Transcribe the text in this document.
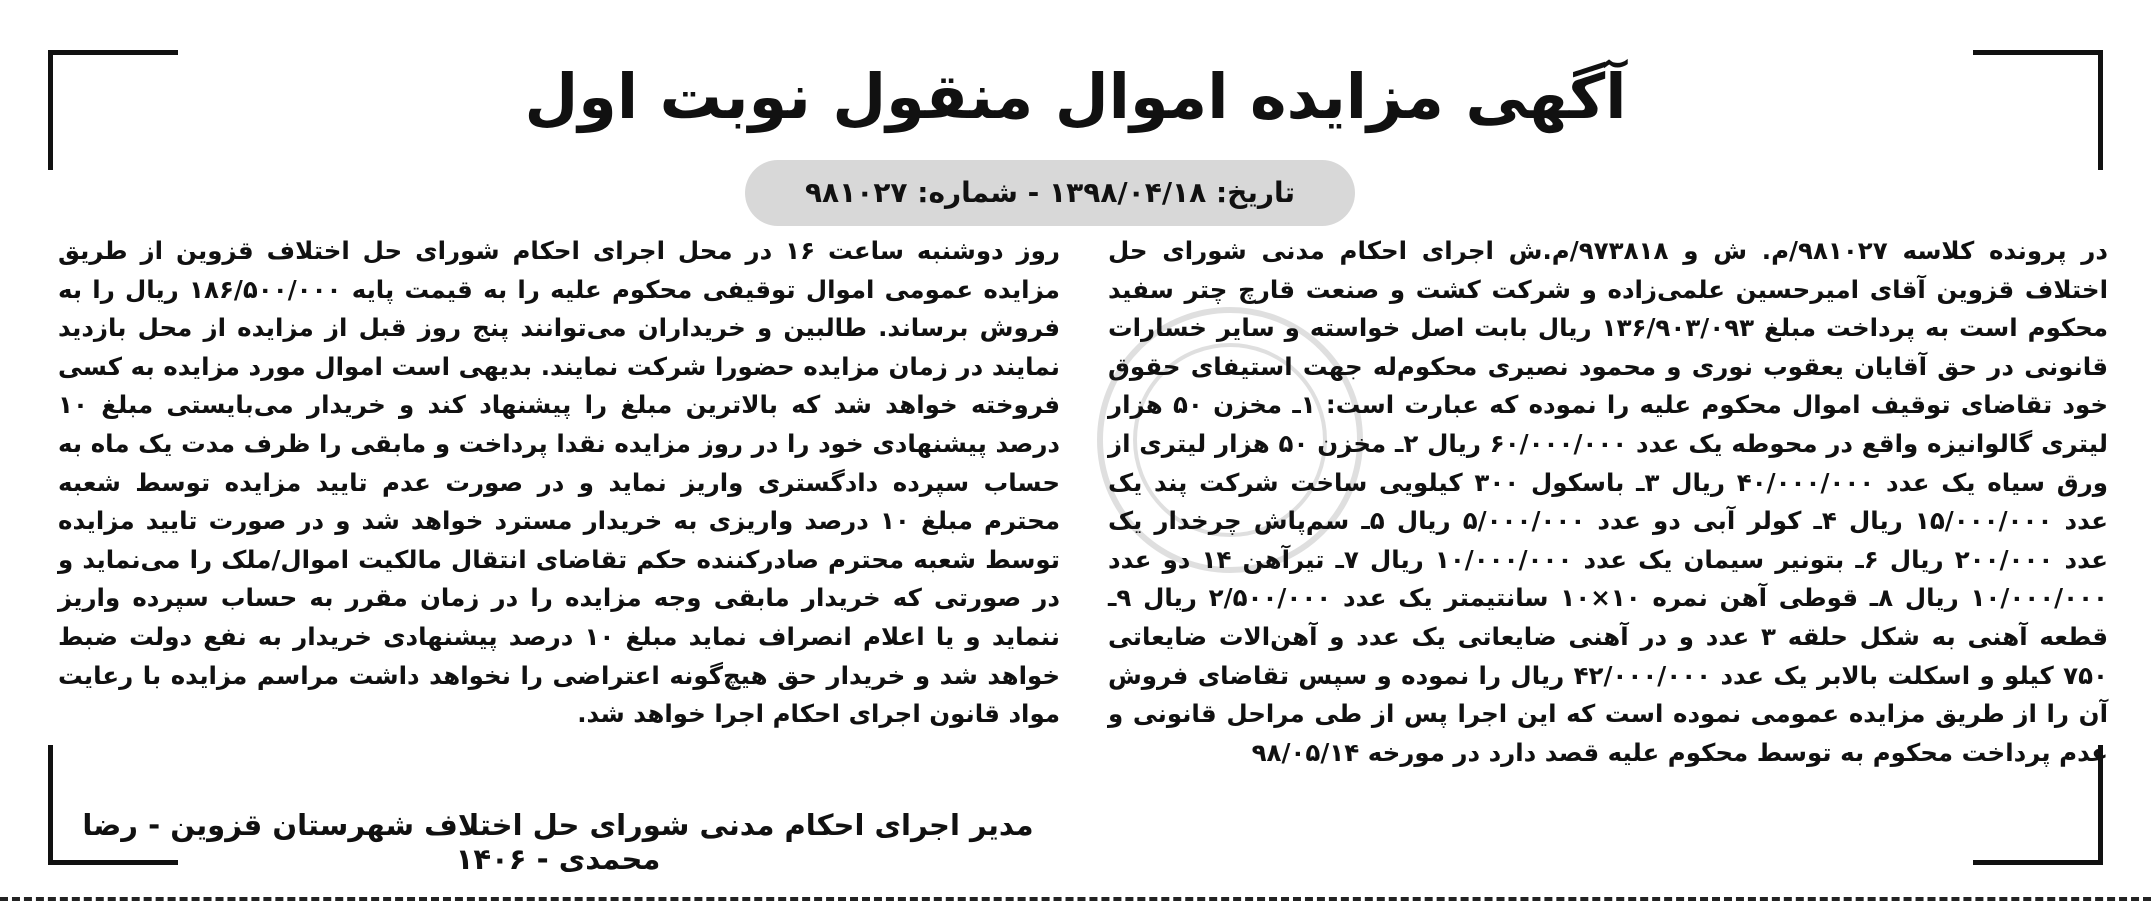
آگهی مزایده اموال منقول نوبت اول
تاریخ: ۱۳۹۸/۰۴/۱۸ - شماره: ۹۸۱۰۲۷

در پرونده کلاسه ۹۸۱۰۲۷/م. ش و ۹۷۳۸۱۸/م.ش اجرای احکام مدنی شورای حل اختلاف قزوین آقای امیرحسین علمی‌زاده و شرکت کشت و صنعت قارچ چتر سفید محکوم است به پرداخت مبلغ ۱۳۶/۹۰۳/۰۹۳ ریال بابت اصل خواسته و سایر خسارات قانونی در حق آقایان یعقوب نوری و محمود نصیری محکوم‌له جهت استیفای حقوق خود تقاضای توقیف اموال محکوم علیه را نموده که عبارت است: ۱ـ مخزن ۵۰ هزار لیتری گالوانیزه واقع در محوطه یک عدد ۶۰/۰۰۰/۰۰۰ ریال ۲ـ مخزن ۵۰ هزار لیتری از ورق سیاه یک عدد ۴۰/۰۰۰/۰۰۰ ریال ۳ـ باسکول ۳۰۰ کیلویی ساخت شرکت پند یک عدد ۱۵/۰۰۰/۰۰۰ ریال ۴ـ کولر آبی دو عدد ۵/۰۰۰/۰۰۰ ریال ۵ـ سم‌پاش چرخدار یک عدد ۲۰۰/۰۰۰ ریال ۶ـ بتونیر سیمان یک عدد ۱۰/۰۰۰/۰۰۰ ریال ۷ـ تیرآهن ۱۴ دو عدد ۱۰/۰۰۰/۰۰۰ ریال ۸ـ قوطی آهن نمره ۱۰×۱۰ سانتیمتر یک عدد ۲/۵۰۰/۰۰۰ ریال ۹ـ قطعه آهنی به شکل حلقه ۳ عدد و در آهنی ضایعاتی یک عدد و آهن‌الات ضایعاتی ۷۵۰ کیلو و اسکلت بالابر یک عدد ۴۲/۰۰۰/۰۰۰ ریال را نموده و سپس تقاضای فروش آن را از طریق مزایده عمومی نموده است که این اجرا پس از طی مراحل قانونی و عدم پرداخت محکوم به توسط محکوم علیه قصد دارد در مورخه ۹۸/۰۵/۱۴

روز دوشنبه ساعت ۱۶ در محل اجرای احکام شورای حل اختلاف قزوین از طریق مزایده عمومی اموال توقیفی محکوم علیه را به قیمت پایه ۱۸۶/۵۰۰/۰۰۰ ریال را به فروش برساند. طالبین و خریداران می‌توانند پنج روز قبل از مزایده از محل بازدید نمایند در زمان مزایده حضورا شرکت نمایند. بدیهی است اموال مورد مزایده به کسی فروخته خواهد شد که بالاترین مبلغ را پیشنهاد کند و خریدار می‌بایستی مبلغ ۱۰ درصد پیشنهادی خود را در روز مزایده نقدا پرداخت و مابقی را ظرف مدت یک ماه به حساب سپرده دادگستری واریز نماید و در صورت عدم تایید مزایده توسط شعبه محترم مبلغ ۱۰ درصد واریزی به خریدار مسترد خواهد شد و در صورت تایید مزایده توسط شعبه محترم صادرکننده حکم تقاضای انتقال مالکیت اموال/ملک را می‌نماید و در صورتی که خریدار مابقی وجه مزایده را در زمان مقرر به حساب سپرده واریز ننماید و یا اعلام انصراف نماید مبلغ ۱۰ درصد پیشنهادی خریدار به نفع دولت ضبط خواهد شد و خریدار حق هیچ‌گونه اعتراضی را نخواهد داشت مراسم مزایده با رعایت مواد قانون اجرای احکام اجرا خواهد شد.

مدیر اجرای احکام مدنی شورای حل اختلاف شهرستان قزوین - رضا محمدی - ۱۴۰۶
